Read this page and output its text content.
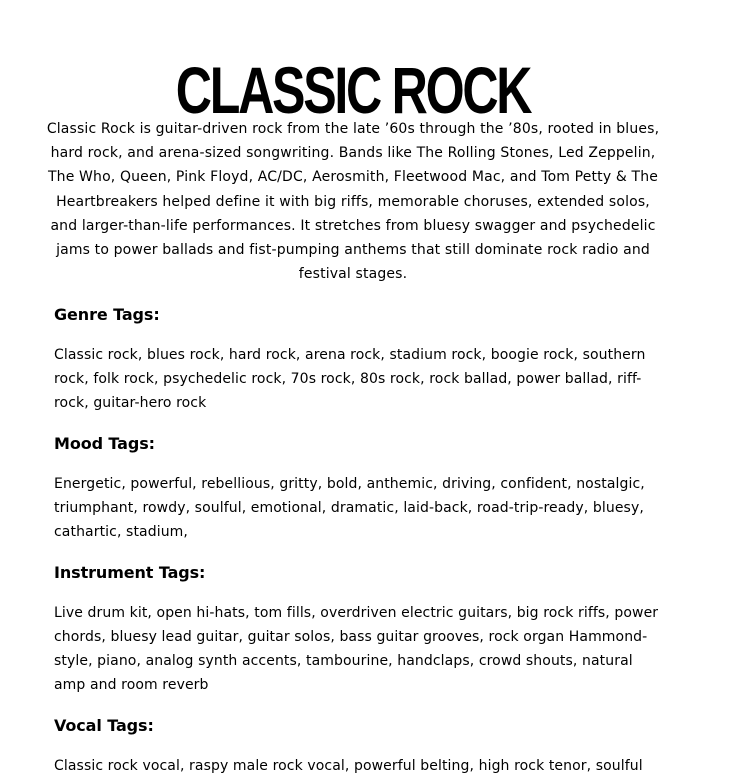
CLASSIC ROCK

Classic Rock is guitar-driven rock from the late ’60s through the ’80s, rooted in blues, hard rock, and arena-sized songwriting. Bands like The Rolling Stones, Led Zeppelin, The Who, Queen, Pink Floyd, AC/DC, Aerosmith, Fleetwood Mac, and Tom Petty & The Heartbreakers helped define it with big riffs, memorable choruses, extended solos, and larger-than-life performances. It stretches from bluesy swagger and psychedelic jams to power ballads and fist-pumping anthems that still dominate rock radio and festival stages.

Genre Tags:

Classic rock, blues rock, hard rock, arena rock, stadium rock, boogie rock, southern rock, folk rock, psychedelic rock, 70s rock, 80s rock, rock ballad, power ballad, riff-rock, guitar-hero rock

Mood Tags:

Energetic, powerful, rebellious, gritty, bold, anthemic, driving, confident, nostalgic, triumphant, rowdy, soulful, emotional, dramatic, laid-back, road-trip-ready, bluesy, cathartic, stadium,

Instrument Tags:

Live drum kit, open hi-hats, tom fills, overdriven electric guitars, big rock riffs, power chords, bluesy lead guitar, guitar solos, bass guitar grooves, rock organ Hammond-style, piano, analog synth accents, tambourine, handclaps, crowd shouts, natural amp and room reverb

Vocal Tags:

Classic rock vocal, raspy male rock vocal, powerful belting, high rock tenor, soulful
